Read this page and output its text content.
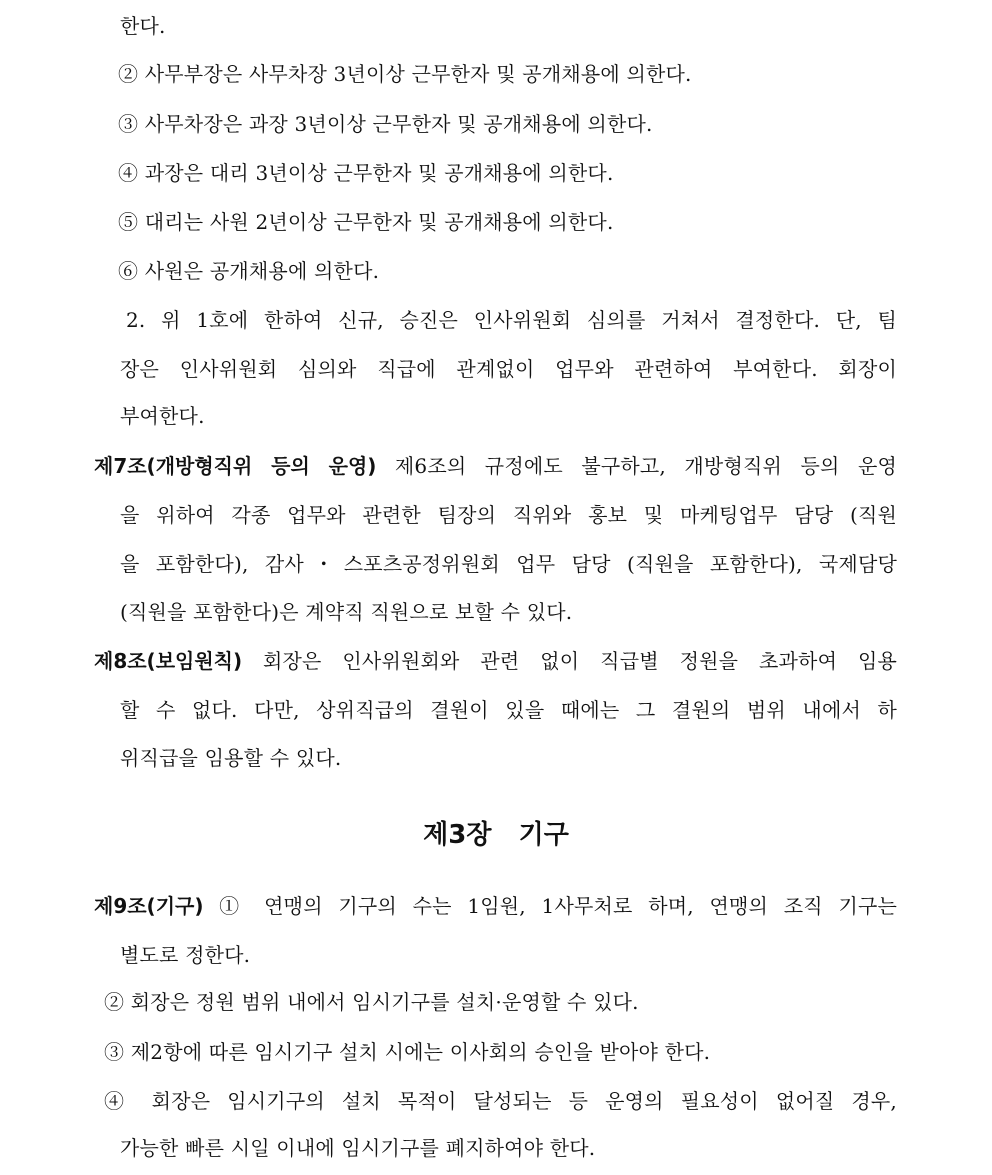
한다.
② 사무부장은 사무차장 3년이상 근무한자 및 공개채용에 의한다.
③ 사무차장은 과장 3년이상 근무한자 및 공개채용에 의한다.
④ 과장은 대리 3년이상 근무한자 및 공개채용에 의한다.
⑤ 대리는 사원 2년이상 근무한자 및 공개채용에 의한다.
⑥ 사원은 공개채용에 의한다.
2. 위 1호에 한하여 신규, 승진은 인사위원회 심의를 거쳐서 결정한다. 단, 팀
장은 인사위원회 심의와 직급에 관계없이 업무와 관련하여 부여한다. 회장이
부여한다.
제7조(개방형직위 등의 운영) 제6조의 규정에도 불구하고, 개방형직위 등의 운영
을 위하여 각종 업무와 관련한 팀장의 직위와 홍보 및 마케팅업무 담당 (직원
을 포함한다), 감사・스포츠공정위원회 업무 담당 (직원을 포함한다), 국제담당
(직원을 포함한다)은 계약직 직원으로 보할 수 있다.
제8조(보임원칙) 회장은 인사위원회와 관련 없이 직급별 정원을 초과하여 임용
할 수 없다. 다만, 상위직급의 결원이 있을 때에는 그 결원의 범위 내에서 하
위직급을 임용할 수 있다.
제3장   기구
제9조(기구) ① 연맹의 기구의 수는 1임원, 1사무처로 하며, 연맹의 조직 기구는
별도로 정한다.
② 회장은 정원 범위 내에서 임시기구를 설치·운영할 수 있다.
③ 제2항에 따른 임시기구 설치 시에는 이사회의 승인을 받아야 한다.
④ 회장은 임시기구의 설치 목적이 달성되는 등 운영의 필요성이 없어질 경우,
가능한 빠른 시일 이내에 임시기구를 폐지하여야 한다.
